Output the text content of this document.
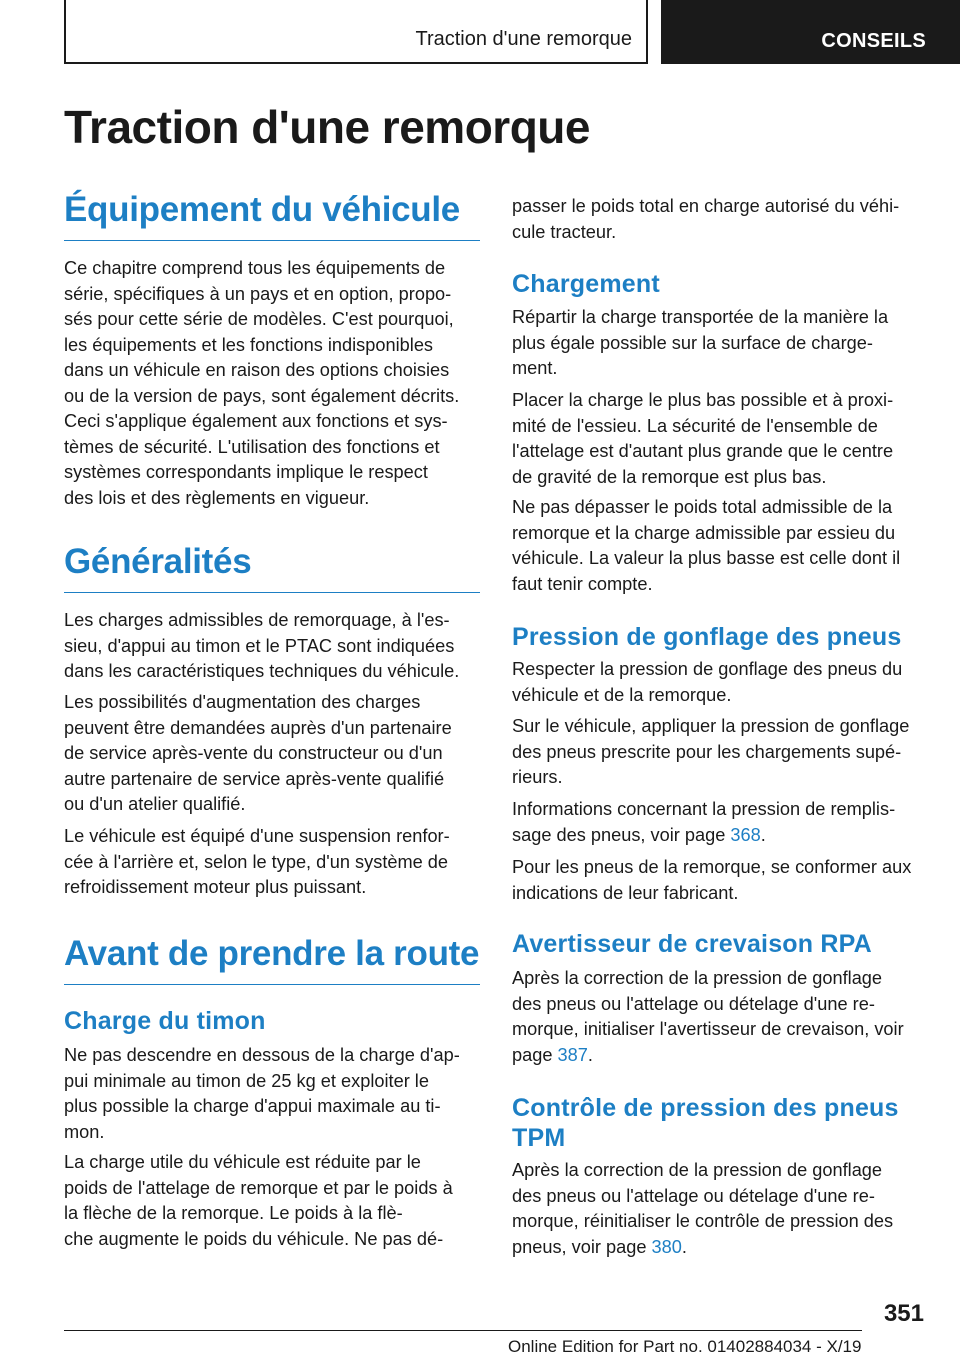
Traction d'une remorque	CONSEILS
Traction d'une remorque
Équipement du véhicule
Ce chapitre comprend tous les équipements de
série, spécifiques à un pays et en option, propo‐
sés pour cette série de modèles. C'est pourquoi,
les équipements et les fonctions indisponibles
dans un véhicule en raison des options choisies
ou de la version de pays, sont également décrits.
Ceci s'applique également aux fonctions et sys‐
tèmes de sécurité. L'utilisation des fonctions et
systèmes correspondants implique le respect
des lois et des règlements en vigueur.
Généralités
Les charges admissibles de remorquage, à l'es‐
sieu, d'appui au timon et le PTAC sont indiquées
dans les caractéristiques techniques du véhicule.
Les possibilités d'augmentation des charges
peuvent être demandées auprès d'un partenaire
de service après-vente du constructeur ou d'un
autre partenaire de service après-vente qualifié
ou d'un atelier qualifié.
Le véhicule est équipé d'une suspension renfor‐
cée à l'arrière et, selon le type, d'un système de
refroidissement moteur plus puissant.
Avant de prendre la route
Charge du timon
Ne pas descendre en dessous de la charge d'ap‐
pui minimale au timon de 25 kg et exploiter le
plus possible la charge d'appui maximale au ti‐
mon.
La charge utile du véhicule est réduite par le
poids de l'attelage de remorque et par le poids à
la flèche de la remorque. Le poids à la flè‐
che augmente le poids du véhicule. Ne pas dé‐
passer le poids total en charge autorisé du véhi‐
cule tracteur.
Chargement
Répartir la charge transportée de la manière la
plus égale possible sur la surface de charge‐
ment.
Placer la charge le plus bas possible et à proxi‐
mité de l'essieu. La sécurité de l'ensemble de
l'attelage est d'autant plus grande que le centre
de gravité de la remorque est plus bas.
Ne pas dépasser le poids total admissible de la
remorque et la charge admissible par essieu du
véhicule. La valeur la plus basse est celle dont il
faut tenir compte.
Pression de gonflage des pneus
Respecter la pression de gonflage des pneus du
véhicule et de la remorque.
Sur le véhicule, appliquer la pression de gonflage
des pneus prescrite pour les chargements supé‐
rieurs.
Informations concernant la pression de remplis‐
sage des pneus, voir page 368.
Pour les pneus de la remorque, se conformer aux
indications de leur fabricant.
Avertisseur de crevaison RPA
Après la correction de la pression de gonflage
des pneus ou l'attelage ou dételage d'une re‐
morque, initialiser l'avertisseur de crevaison, voir
page 387.
Contrôle de pression des pneus
TPM
Après la correction de la pression de gonflage
des pneus ou l'attelage ou dételage d'une re‐
morque, réinitialiser le contrôle de pression des
pneus, voir page 380.
351
Online Edition for Part no. 01402884034 - X/19
